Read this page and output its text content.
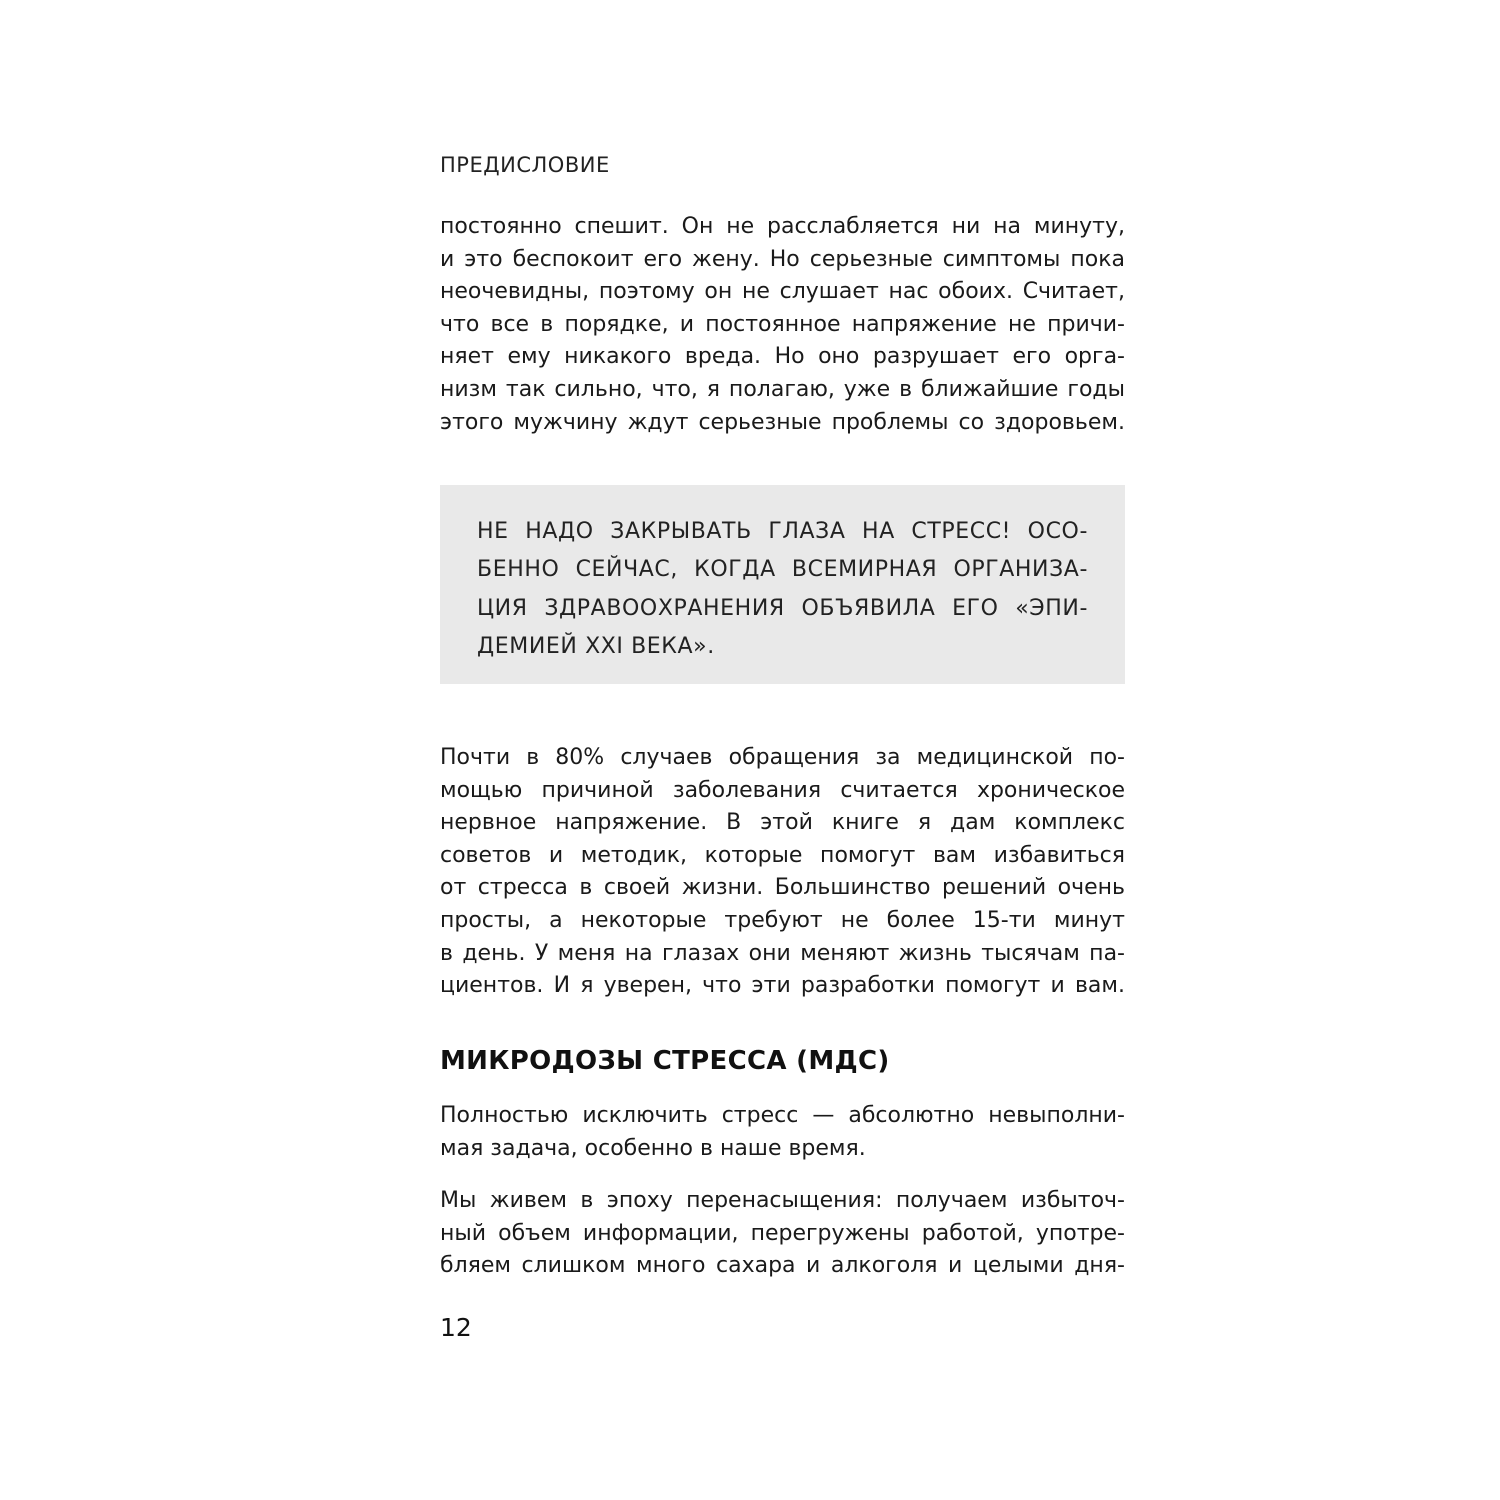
ПРЕДИСЛОВИЕ

постоянно спешит. Он не расслабляется ни на минуту,
и это беспокоит его жену. Но серьезные симптомы пока
неочевидны, поэтому он не слушает нас обоих. Считает,
что все в порядке, и постоянное напряжение не причи-
няет ему никакого вреда. Но оно разрушает его орга-
низм так сильно, что, я полагаю, уже в ближайшие годы
этого мужчину ждут серьезные проблемы со здоровьем.
НЕ НАДО ЗАКРЫВАТЬ ГЛАЗА НА СТРЕСС! ОСО-
БЕННО СЕЙЧАС, КОГДА ВСЕМИРНАЯ ОРГАНИЗА-
ЦИЯ ЗДРАВООХРАНЕНИЯ ОБЪЯВИЛА ЕГО «ЭПИ-
ДЕМИЕЙ XXI ВЕКА».
Почти в 80% случаев обращения за медицинской по-
мощью причиной заболевания считается хроническое
нервное напряжение. В этой книге я дам комплекс
советов и методик, которые помогут вам избавиться
от стресса в своей жизни. Большинство решений очень
просты, а некоторые требуют не более 15-ти минут
в день. У меня на глазах они меняют жизнь тысячам па-
циентов. И я уверен, что эти разработки помогут и вам.
МИКРОДОЗЫ СТРЕССА (МДС)
Полностью исключить стресс — абсолютно невыполни-
мая задача, особенно в наше время.
Мы живем в эпоху перенасыщения: получаем избыточ-
ный объем информации, перегружены работой, употре-
бляем слишком много сахара и алкоголя и целыми дня-

12
